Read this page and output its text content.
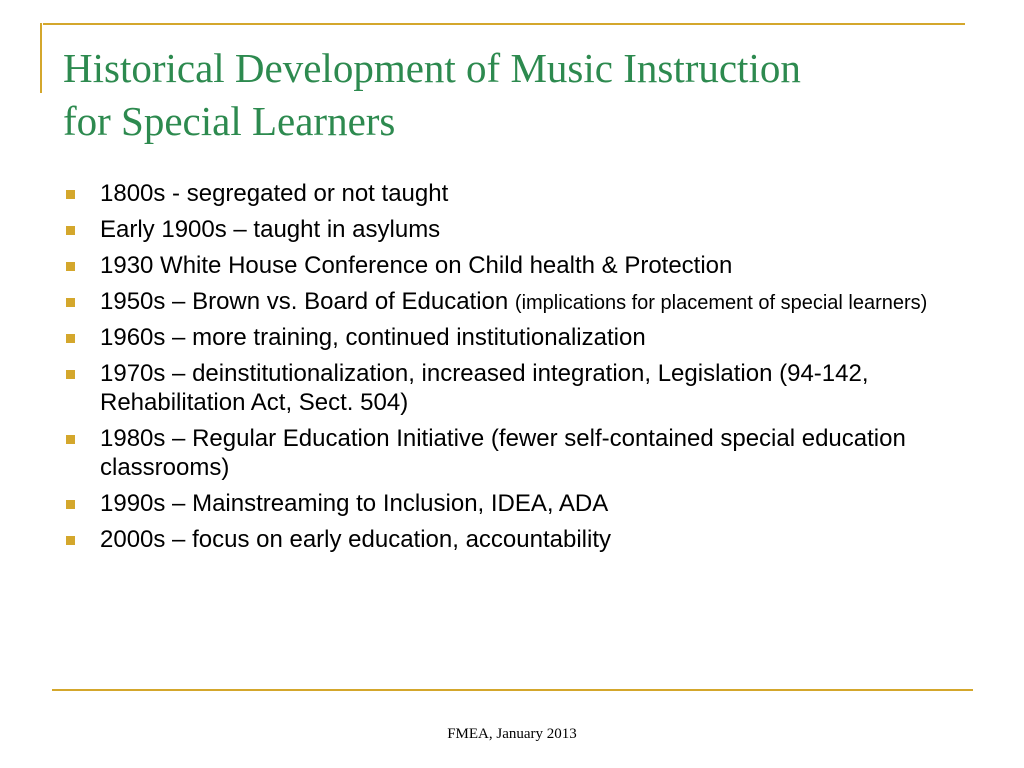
Historical Development of Music Instruction
for Special Learners
1800s - segregated or not taught
Early 1900s – taught in asylums
1930 White House Conference on Child health & Protection
1950s – Brown vs. Board of Education (implications for placement of special learners)
1960s – more training, continued institutionalization
1970s – deinstitutionalization, increased integration, Legislation (94-142, Rehabilitation Act, Sect. 504)
1980s – Regular Education Initiative (fewer self-contained special education classrooms)
1990s – Mainstreaming to Inclusion, IDEA, ADA
2000s – focus on early education, accountability
FMEA, January 2013
